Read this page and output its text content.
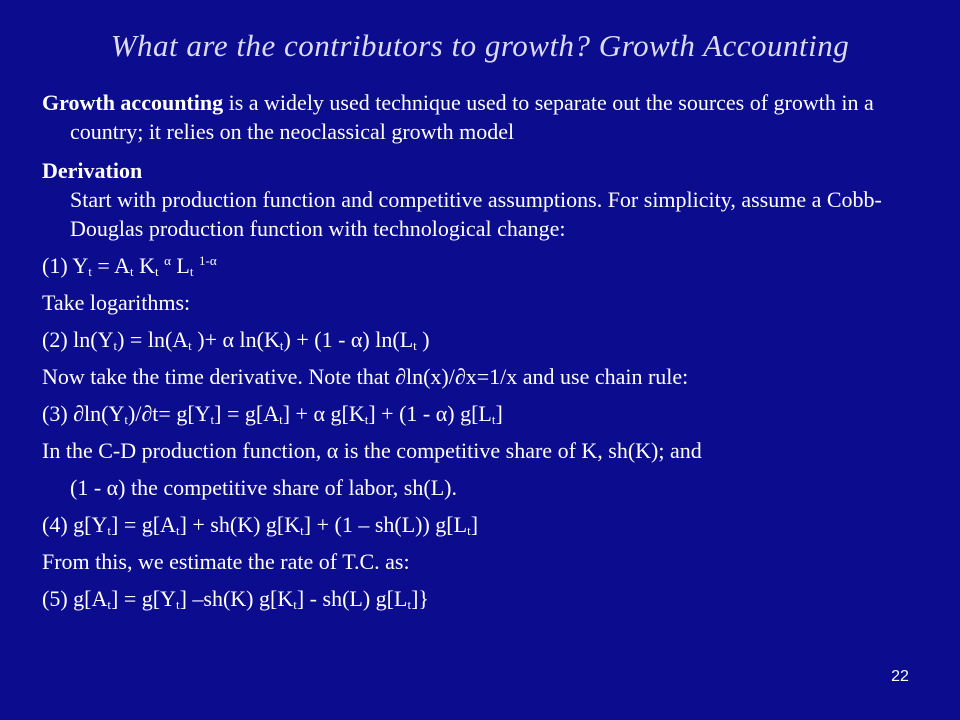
What are the contributors to growth? Growth Accounting

Growth accounting is a widely used technique used to separate out the sources of growth in a country; it relies on the neoclassical growth model

Derivation

Start with production function and competitive assumptions. For simplicity, assume a Cobb-Douglas production function with technological change:

(1) $Y_t = A_t$ $K_t$ $^\alpha$ $L_t$ $^{1-\alpha}$

Take logarithms:

(2) $\ln(Y_t) = \ln(A_t$ )+ α $\ln(K_t) + (1 - \alpha)$ $\ln(L_t$ )

Now take the time derivative. Note that ∂ln(x)/∂x=1/x and use chain rule:

(3) $\partial\ln(Y_t)/\partial t= g[Y_t] = g[A_t] + \alpha$ $g[K_t] + (1 - \alpha)$ $g[L_t]$

In the C-D production function, α is the competitive share of K, sh(K); and

(1 - α) the competitive share of labor, sh(L).

(4) $g[Y_t] = g[A_t] + sh(K) g[K_t] + (1 - sh(L))$ $g[L_t]$

From this, we estimate the rate of T.C. as:

(5) $g[A_t] = g[Y_t]$ –sh(K) $g[K_t] - sh(L)$ $g[L_t]$}

22
